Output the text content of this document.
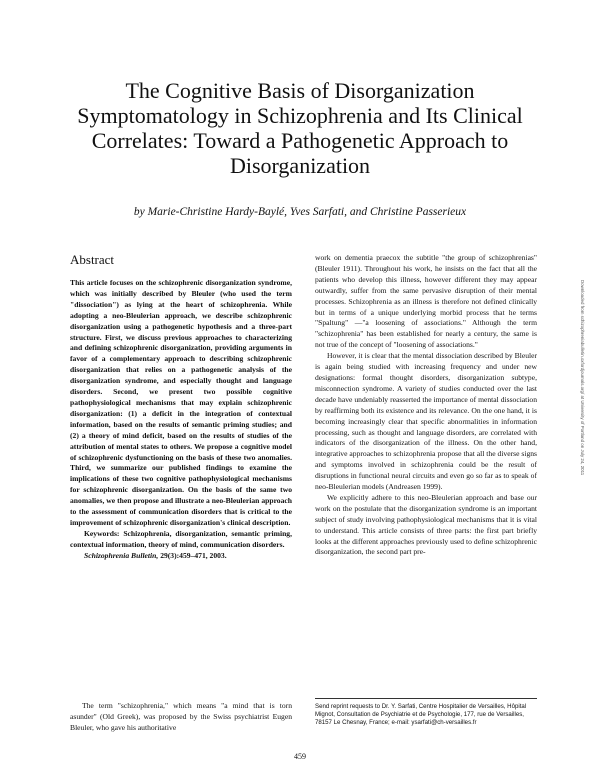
The Cognitive Basis of Disorganization Symptomatology in Schizophrenia and Its Clinical Correlates: Toward a Pathogenetic Approach to Disorganization

by Marie-Christine Hardy-Baylé, Yves Sarfati, and Christine Passerieux

Abstract

This article focuses on the schizophrenic disorganization syndrome, which was initially described by Bleuler (who used the term "dissociation") as lying at the heart of schizophrenia. While adopting a neo-Bleulerian approach, we describe schizophrenic disorganization using a pathogenetic hypothesis and a three-part structure. First, we discuss previous approaches to characterizing and defining schizophrenic disorganization, providing arguments in favor of a complementary approach to describing schizophrenic disorganization that relies on a pathogenetic analysis of the disorganization syndrome, and especially thought and language disorders. Second, we present two possible cognitive pathophysiological mechanisms that may explain schizophrenic disorganization: (1) a deficit in the integration of contextual information, based on the results of semantic priming studies; and (2) a theory of mind deficit, based on the results of studies of the attribution of mental states to others. We propose a cognitive model of schizophrenic dysfunctioning on the basis of these two anomalies. Third, we summarize our published findings to examine the implications of these two cognitive pathophysiological mechanisms for schizophrenic disorganization. On the basis of the same two anomalies, we then propose and illustrate a neo-Bleulerian approach to the assessment of communication disorders that is critical to the improvement of schizophrenic disorganization's clinical description.

Keywords: Schizophrenia, disorganization, semantic priming, contextual information, theory of mind, communication disorders.

Schizophrenia Bulletin, 29(3):459–471, 2003.

The term "schizophrenia," which means "a mind that is torn asunder" (Old Greek), was proposed by the Swiss psychiatrist Eugen Bleuler, who gave his authoritative

work on dementia praecox the subtitle "the group of schizophrenias" (Bleuler 1911). Throughout his work, he insists on the fact that all the patients who develop this illness, however different they may appear outwardly, suffer from the same pervasive disruption of their mental processes. Schizophrenia as an illness is therefore not defined clinically but in terms of a unique underlying morbid process that he terms "Spaltung" —"a loosening of associations." Although the term "schizophrenia" has been established for nearly a century, the same is not true of the concept of "loosening of associations."

However, it is clear that the mental dissociation described by Bleuler is again being studied with increasing frequency and under new designations: formal thought disorders, disorganization subtype, misconnection syndrome. A variety of studies conducted over the last decade have undeniably reasserted the importance of mental dissociation by reaffirming both its existence and its relevance. On the one hand, it is becoming increasingly clear that specific abnormalities in information processing, such as thought and language disorders, are correlated with indicators of the disorganization of the illness. On the other hand, integrative approaches to schizophrenia propose that all the diverse signs and symptoms involved in schizophrenia could be the result of disruptions in functional neural circuits and even go so far as to speak of neo-Bleulerian models (Andreasen 1999).

We explicitly adhere to this neo-Bleulerian approach and base our work on the postulate that the disorganization syndrome is an important subject of study involving pathophysiological mechanisms that it is vital to understand. This article consists of three parts: the first part briefly looks at the different approaches previously used to define schizophrenic disorganization, the second part pre-

Send reprint requests to Dr. Y. Sarfati, Centre Hospitalier de Versailles, Hôpital Mignot, Consultation de Psychiatrie et de Psychologie, 177, rue de Versailles, 78157 Le Chesnay, France; e-mail: ysarfati@ch-versailles.fr
459
Downloaded from schizophreniabulletin.oxfordjournals.org/ at University of Portland on July 24, 2011
